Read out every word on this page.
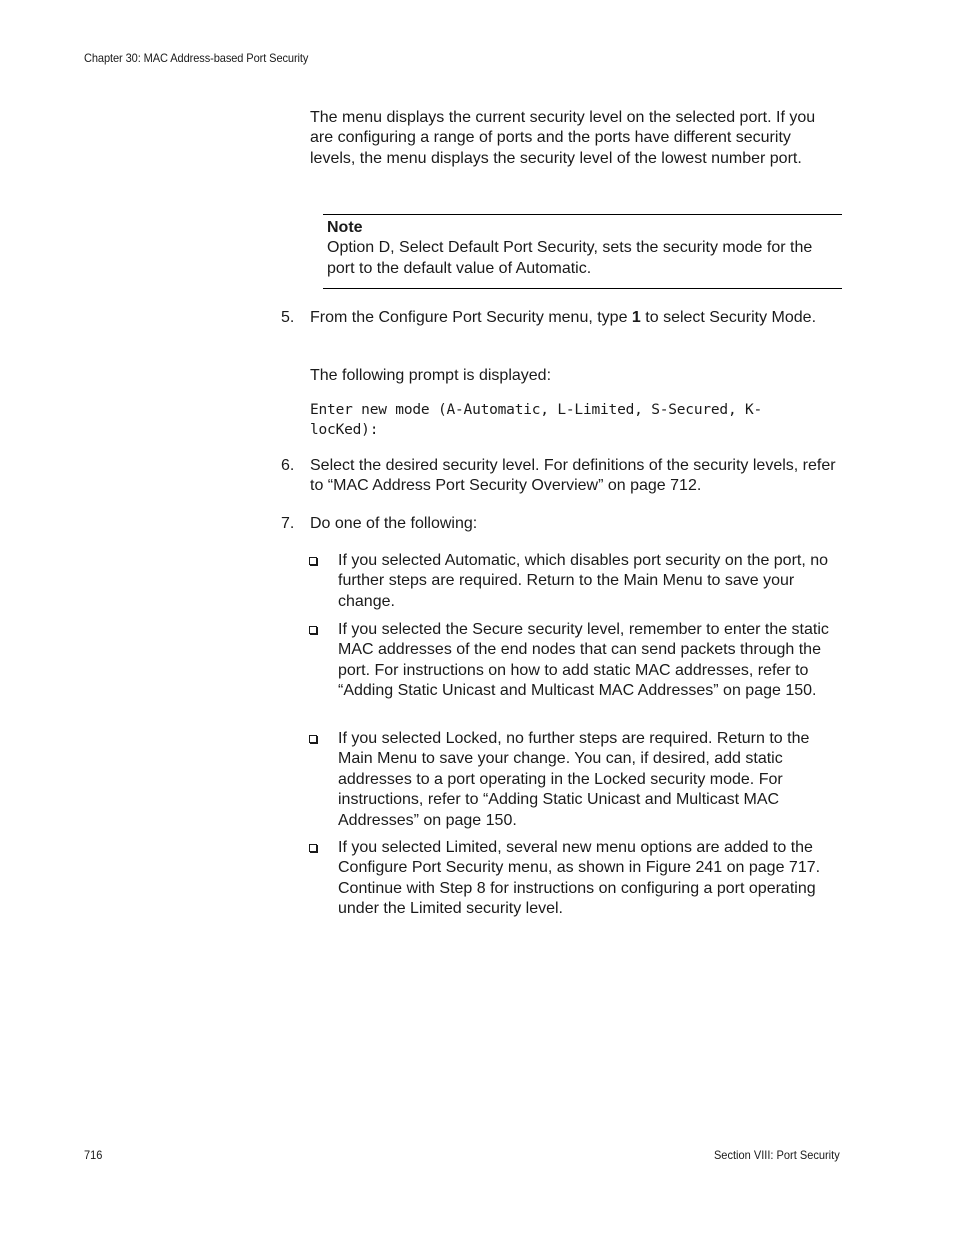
Chapter 30: MAC Address-based Port Security
The menu displays the current security level on the selected port. If you are configuring a range of ports and the ports have different security levels, the menu displays the security level of the lowest number port.
Note
Option D, Select Default Port Security, sets the security mode for the port to the default value of Automatic.
5. From the Configure Port Security menu, type 1 to select Security Mode.
The following prompt is displayed:
Enter new mode (A-Automatic, L-Limited, S-Secured, K-
locKed):
6. Select the desired security level. For definitions of the security levels, refer to “MAC Address Port Security Overview” on page 712.
7. Do one of the following:
If you selected Automatic, which disables port security on the port, no further steps are required. Return to the Main Menu to save your change.
If you selected the Secure security level, remember to enter the static MAC addresses of the end nodes that can send packets through the port. For instructions on how to add static MAC addresses, refer to “Adding Static Unicast and Multicast MAC Addresses” on page 150.
If you selected Locked, no further steps are required. Return to the Main Menu to save your change. You can, if desired, add static addresses to a port operating in the Locked security mode. For instructions, refer to “Adding Static Unicast and Multicast MAC Addresses” on page 150.
If you selected Limited, several new menu options are added to the Configure Port Security menu, as shown in Figure 241 on page 717. Continue with Step 8 for instructions on configuring a port operating under the Limited security level.
716	Section VIII: Port Security
